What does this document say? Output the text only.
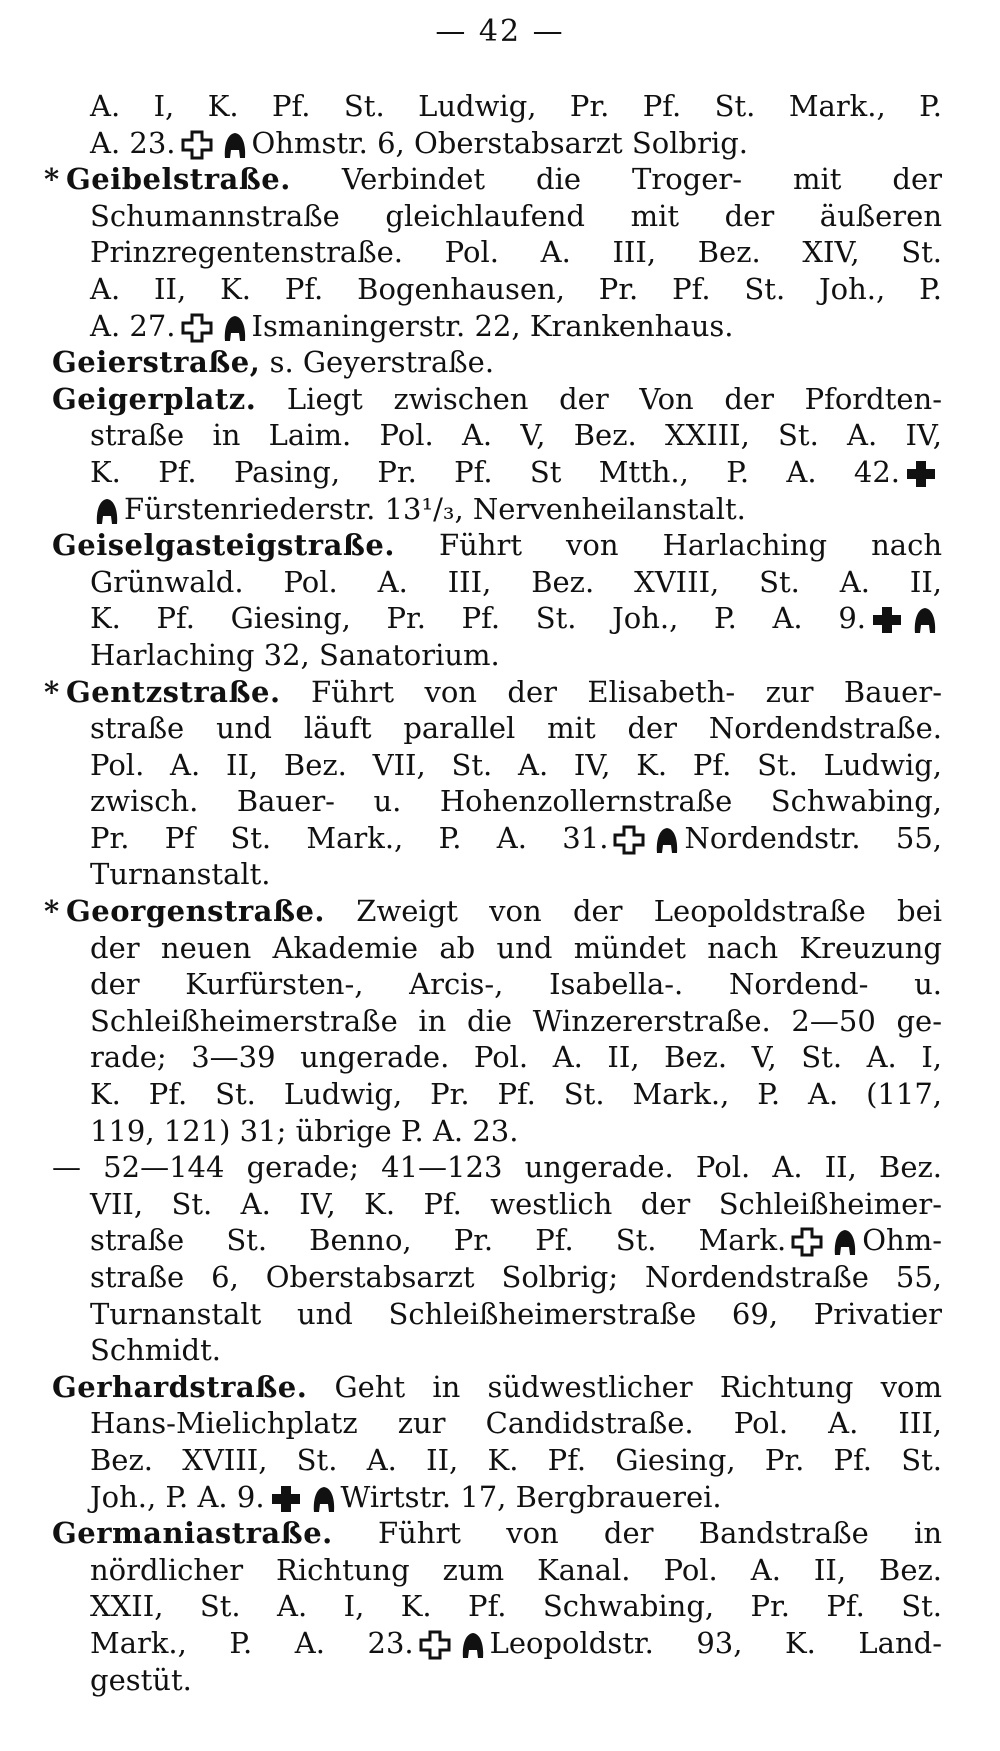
— 42 —
A. I, K. Pf. St. Ludwig, Pr. Pf. St. Mark., P.
A. 23.	Ohmstr. 6, Oberstabsarzt Solbrig.
* Geibelstraße. Verbindet die Troger- mit der
Schumannstraße gleichlaufend mit der äußeren
Prinzregentenstraße. Pol. A. III, Bez. XIV, St.
A. II, K. Pf. Bogenhausen, Pr. Pf. St. Joh., P.
A. 27.	Ismaningerstr. 22, Krankenhaus.
Geierstraße, s. Geyerstraße.
Geigerplatz. Liegt zwischen der Von der Pfordten-
straße in Laim. Pol. A. V, Bez. XXIII, St. A. IV,
K. Pf. Pasing, Pr. Pf. St Mtth., P. A. 42.
Fürstenriederstr. 13¹/₃, Nervenheilanstalt.
Geiselgasteigstraße. Führt von Harlaching nach
Grünwald. Pol. A. III, Bez. XVIII, St. A. II,
K. Pf. Giesing, Pr. Pf. St. Joh., P. A. 9.
Harlaching 32, Sanatorium.
* Gentzstraße. Führt von der Elisabeth- zur Bauer-
straße und läuft parallel mit der Nordendstraße.
Pol. A. II, Bez. VII, St. A. IV, K. Pf. St. Ludwig,
zwisch. Bauer- u. Hohenzollernstraße Schwabing,
Pr. Pf St. Mark., P. A. 31.	Nordendstr. 55,
Turnanstalt.
* Georgenstraße. Zweigt von der Leopoldstraße bei
der neuen Akademie ab und mündet nach Kreuzung
der Kurfürsten-, Arcis-, Isabella-. Nordend- u.
Schleißheimerstraße in die Winzererstraße. 2—50 ge-
rade; 3—39 ungerade. Pol. A. II, Bez. V, St. A. I,
K. Pf. St. Ludwig, Pr. Pf. St. Mark., P. A. (117,
119, 121) 31; übrige P. A. 23.
— 52—144 gerade; 41—123 ungerade. Pol. A. II, Bez.
VII, St. A. IV, K. Pf. westlich der Schleißheimer-
straße St. Benno, Pr. Pf. St. Mark.	Ohm-
straße 6, Oberstabsarzt Solbrig; Nordendstraße 55,
Turnanstalt und Schleißheimerstraße 69, Privatier
Schmidt.
Gerhardstraße. Geht in südwestlicher Richtung vom
Hans-Mielichplatz zur Candidstraße. Pol. A. III,
Bez. XVIII, St. A. II, K. Pf. Giesing, Pr. Pf. St.
Joh., P. A. 9.	Wirtstr. 17, Bergbrauerei.
Germaniastraße. Führt von der Bandstraße in
nördlicher Richtung zum Kanal. Pol. A. II, Bez.
XXII, St. A. I, K. Pf. Schwabing, Pr. Pf. St.
Mark., P. A. 23.	Leopoldstr. 93, K. Land-
gestüt.
